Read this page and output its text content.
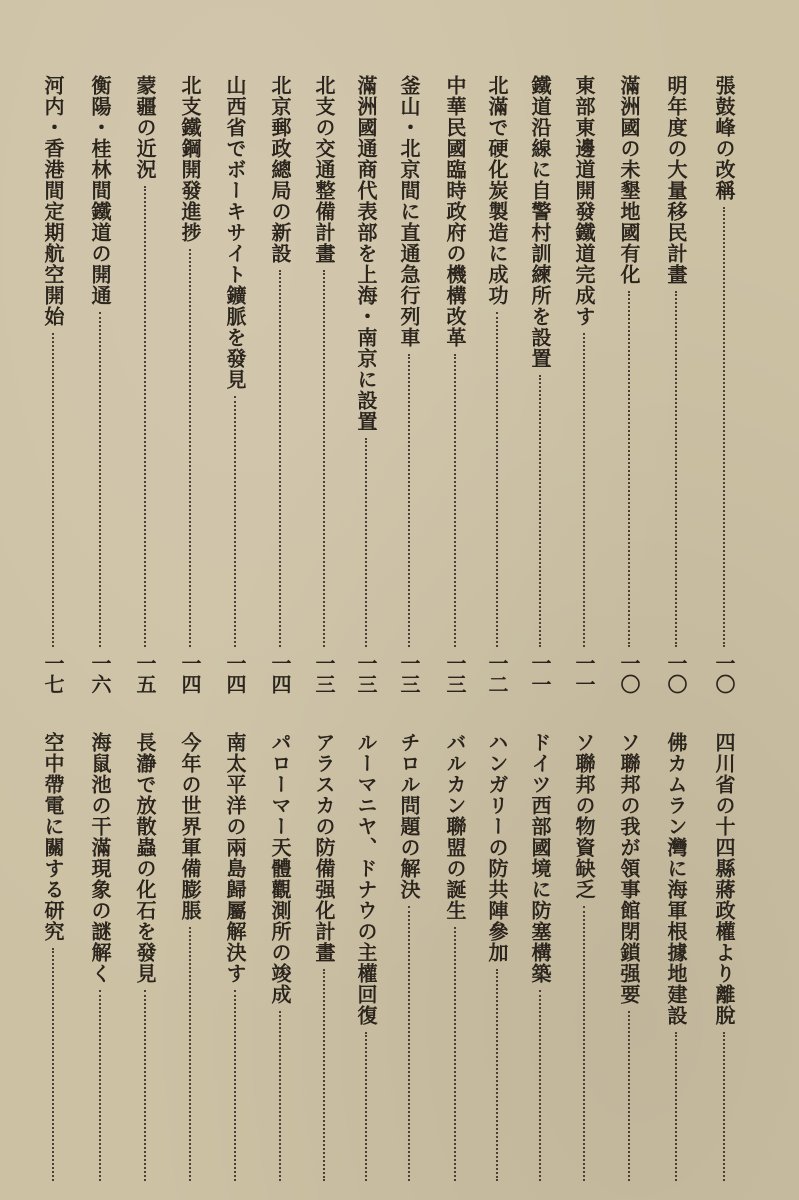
張鼓峰の改稱
一〇
明年度の大量移民計畫
一〇
滿洲國の未墾地國有化
一〇
東部東邊道開發鐵道完成す
一一
鐵道沿線に自警村訓練所を設置
一一
北滿で硬化炭製造に成功
一二
中華民國臨時政府の機構改革
一三
釜山・北京間に直通急行列車
一三
滿洲國通商代表部を上海・南京に設置
一三
北支の交通整備計畫
一三
北京郵政總局の新設
一四
山西省でボーキサイト鑛脈を發見
一四
北支鐵鋼開發進捗
一四
蒙疆の近況
一五
衡陽・桂林間鐵道の開通
一六
河内・香港間定期航空開始
一七
四川省の十四縣蔣政權より離脫
佛カムラン灣に海軍根據地建設
ソ聯邦の我が領事館閉鎖强要
ソ聯邦の物資缺乏
ドイツ西部國境に防塞構築
ハンガリーの防共陣參加
バルカン聯盟の誕生
チロル問題の解決
ルーマニヤ、ドナウの主權回復
アラスカの防備强化計畫
パローマー天體觀測所の竣成
南太平洋の兩島歸屬解決す
今年の世界軍備膨脹
長瀞で放散蟲の化石を發見
海鼠池の干滿現象の謎解く
空中帶電に關する研究
